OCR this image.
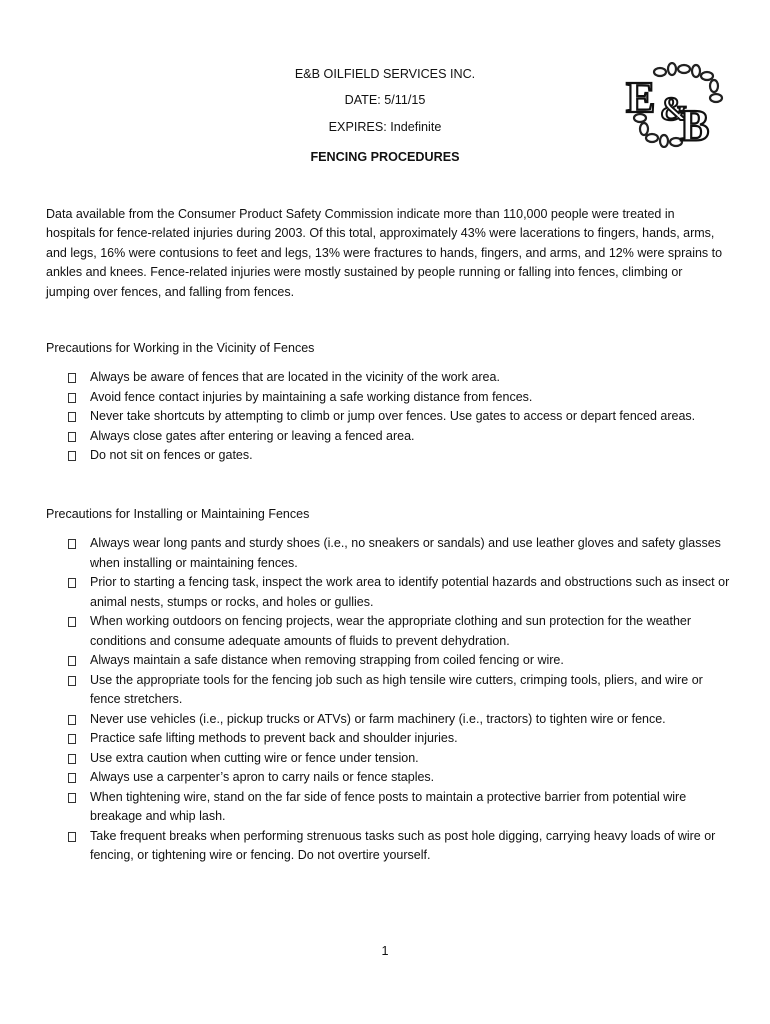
E&B OILFIELD SERVICES INC.
DATE: 5/11/15
EXPIRES: Indefinite
FENCING PROCEDURES
E &
B

Data available from the Consumer Product Safety Commission indicate more than 110,000 people were treated in hospitals for fence-related injuries during 2003. Of this total, approximately 43% were lacerations to fingers, hands, arms, and legs, 16% were contusions to feet and legs, 13% were fractures to hands, fingers, and arms, and 12% were sprains to ankles and knees. Fence-related injuries were mostly sustained by people running or falling into fences, climbing or jumping over fences, and falling from fences.

Precautions for Working in the Vicinity of Fences

Always be aware of fences that are located in the vicinity of the work area.
Avoid fence contact injuries by maintaining a safe working distance from fences.
Never take shortcuts by attempting to climb or jump over fences. Use gates to access or depart fenced areas.
Always close gates after entering or leaving a fenced area.
Do not sit on fences or gates.

Precautions for Installing or Maintaining Fences

Always wear long pants and sturdy shoes (i.e., no sneakers or sandals) and use leather gloves and safety glasses when installing or maintaining fences.
Prior to starting a fencing task, inspect the work area to identify potential hazards and obstructions such as insect or animal nests, stumps or rocks, and holes or gullies.
When working outdoors on fencing projects, wear the appropriate clothing and sun protection for the weather conditions and consume adequate amounts of fluids to prevent dehydration.
Always maintain a safe distance when removing strapping from coiled fencing or wire.
Use the appropriate tools for the fencing job such as high tensile wire cutters, crimping tools, pliers, and wire or fence stretchers.
Never use vehicles (i.e., pickup trucks or ATVs) or farm machinery (i.e., tractors) to tighten wire or fence.
Practice safe lifting methods to prevent back and shoulder injuries.
Use extra caution when cutting wire or fence under tension.
Always use a carpenter’s apron to carry nails or fence staples.
When tightening wire, stand on the far side of fence posts to maintain a protective barrier from potential wire breakage and whip lash.
Take frequent breaks when performing strenuous tasks such as post hole digging, carrying heavy loads of wire or fencing, or tightening wire or fencing. Do not overtire yourself.
1
